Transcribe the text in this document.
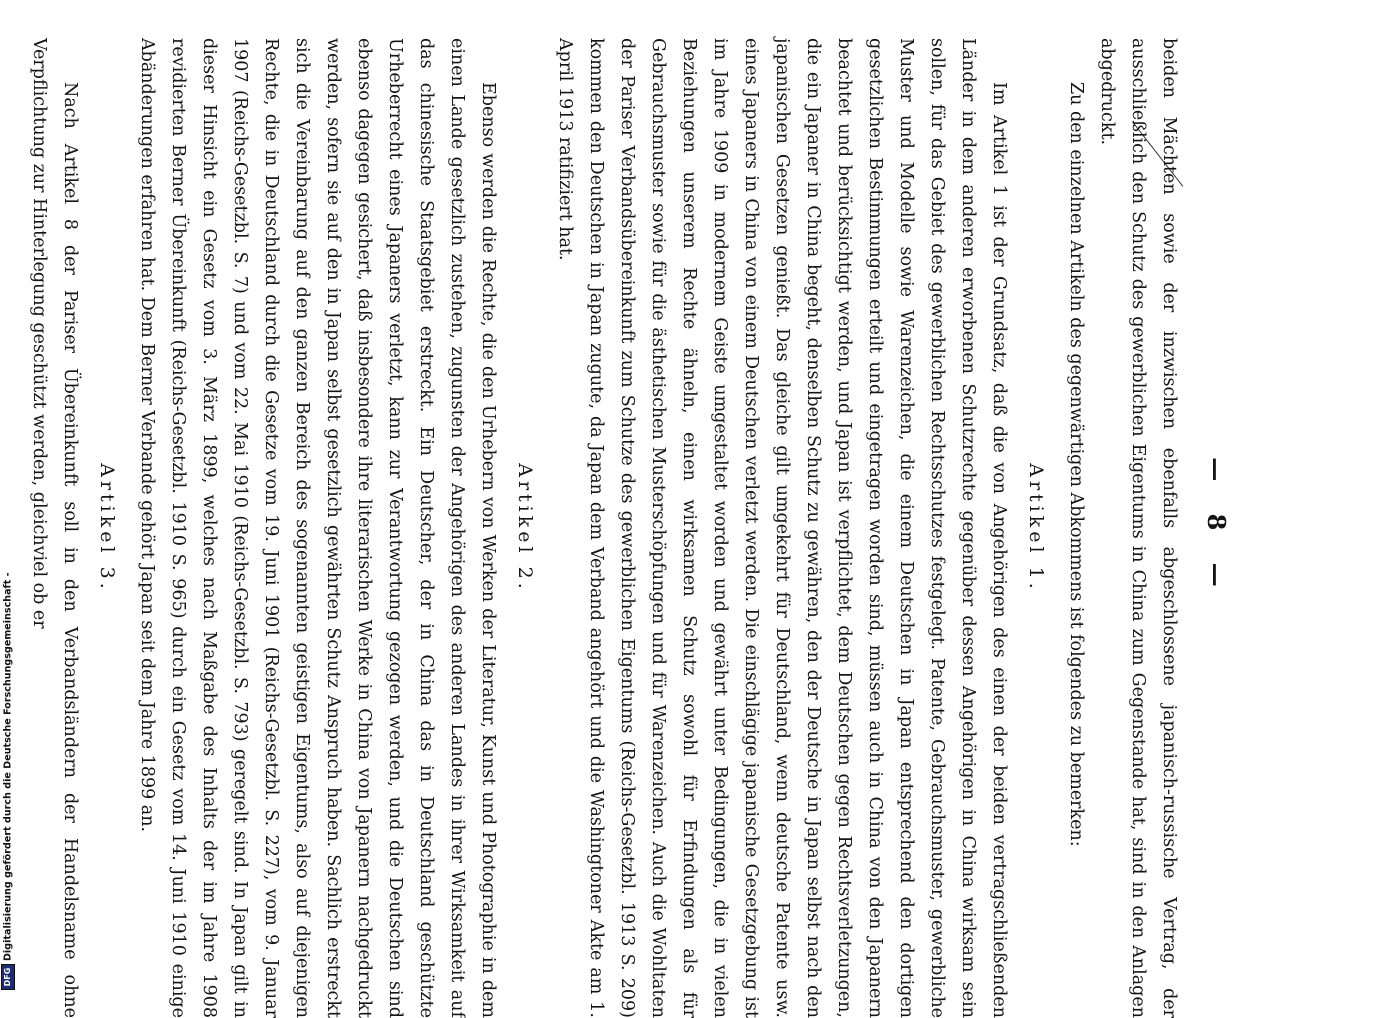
DFGDigitalisierung gefördert durch die Deutsche Forschungsgemeinschaft -
— 8 —

beiden Mächten sowie der inzwischen ebenfalls abgeschlossene japanisch-russische Vertrag, der ausschließlich den Schutz des gewerblichen Eigentums in China zum Gegenstande hat, sind in den Anlagen abgedruckt.

Zu den einzelnen Artikeln des gegenwärtigen Abkommens ist folgendes zu bemerken:

Artikel 1.

Im Artikel 1 ist der Grundsatz, daß die von Angehörigen des einen der beiden vertragschließenden Länder in dem anderen erworbenen Schutzrechte gegenüber dessen Angehörigen in China wirksam sein sollen, für das Gebiet des gewerblichen Rechtsschutzes festgelegt. Patente, Gebrauchsmuster, gewerbliche Muster und Modelle sowie Warenzeichen, die einem Deutschen in Japan entsprechend den dortigen gesetzlichen Bestimmungen erteilt und eingetragen worden sind, müssen auch in China von den Japanern beachtet und berücksichtigt werden, und Japan ist verpflichtet, dem Deutschen gegen Rechtsverletzungen, die ein Japaner in China begeht, denselben Schutz zu gewähren, den der Deutsche in Japan selbst nach den japanischen Gesetzen genießt. Das gleiche gilt umgekehrt für Deutschland, wenn deutsche Patente usw. eines Japaners in China von einem Deutschen verletzt werden. Die einschlägige japanische Gesetzgebung ist im Jahre 1909 in modernem Geiste umgestaltet worden und gewährt unter Bedingungen, die in vielen Beziehungen unserem Rechte ähneln, einen wirksamen Schutz sowohl für Erfindungen als für Gebrauchsmuster sowie für die ästhetischen Musterschöpfungen und für Warenzeichen. Auch die Wohltaten der Pariser Verbandsübereinkunft zum Schutze des gewerblichen Eigentums (Reichs-Gesetzbl. 1913 S. 209) kommen den Deutschen in Japan zugute, da Japan dem Verband angehört und die Washingtoner Akte am 1. April 1913 ratifiziert hat.

Artikel 2.

Ebenso werden die Rechte, die den Urhebern von Werken der Literatur, Kunst und Photographie in dem einen Lande gesetzlich zustehen, zugunsten der Angehörigen des anderen Landes in ihrer Wirksamkeit auf das chinesische Staatsgebiet erstreckt. Ein Deutscher, der in China das in Deutschland geschützte Urheberrecht eines Japaners verletzt, kann zur Verantwortung gezogen werden, und die Deutschen sind ebenso dagegen gesichert, daß insbesondere ihre literarischen Werke in China von Japanern nachgedruckt werden, sofern sie auf den in Japan selbst gesetzlich gewährten Schutz Anspruch haben. Sachlich erstreckt sich die Vereinbarung auf den ganzen Bereich des sogenannten geistigen Eigentums, also auf diejenigen Rechte, die in Deutschland durch die Gesetze vom 19. Juni 1901 (Reichs-Gesetzbl. S. 227), vom 9. Januar 1907 (Reichs-Gesetzbl. S. 7) und vom 22. Mai 1910 (Reichs-Gesetzbl. S. 793) geregelt sind. In Japan gilt in dieser Hinsicht ein Gesetz vom 3. März 1899, welches nach Maßgabe des Inhalts der im Jahre 1908 revidierten Berner Übereinkunft (Reichs-Gesetzbl. 1910 S. 965) durch ein Gesetz vom 14. Juni 1910 einige Abänderungen erfahren hat. Dem Berner Verbande gehört Japan seit dem Jahre 1899 an.

Artikel 3.

Nach Artikel 8 der Pariser Übereinkunft soll in den Verbandsländern der Handelsname ohne Verpflichtung zur Hinterlegung geschützt werden, gleichviel ob er
